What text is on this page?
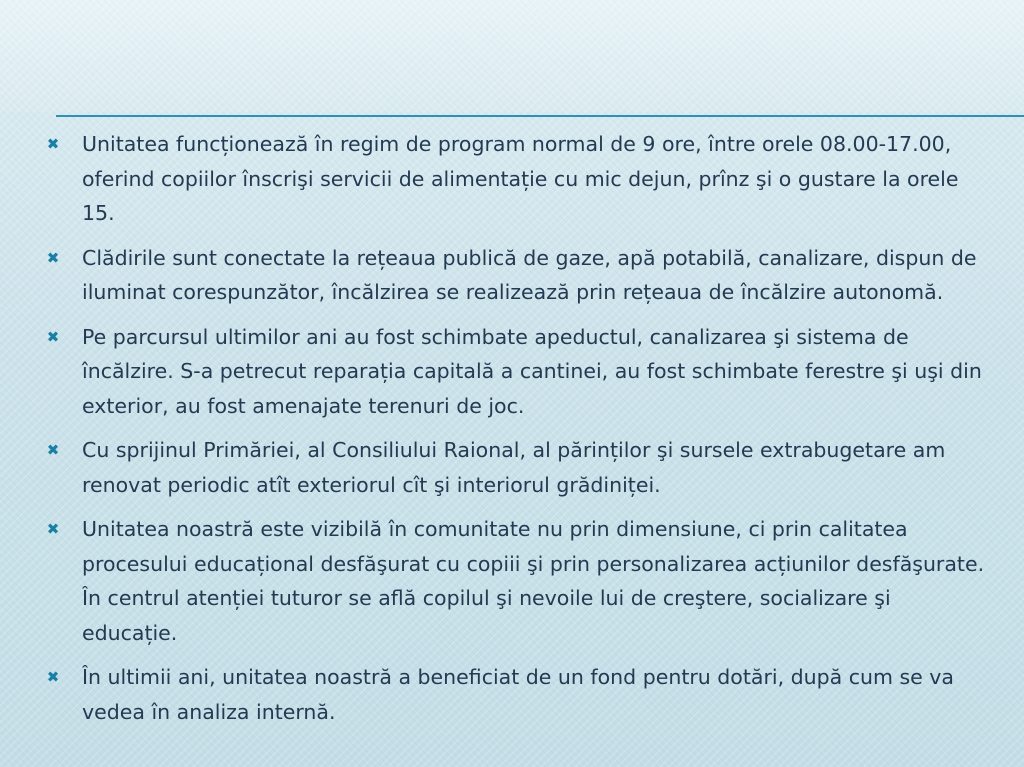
✖ Unitatea funcționează în regim de program normal de 9 ore, între orele 08.00-17.00, oferind copiilor înscrişi servicii de alimentație cu mic dejun, prînz şi o gustare la orele 15.
✖ Clădirile sunt conectate la rețeaua publică de gaze, apă potabilă, canalizare, dispun de iluminat corespunzător, încălzirea se realizează prin rețeaua de încălzire autonomă.
✖ Pe parcursul ultimilor ani au fost schimbate apeductul, canalizarea şi sistema de încălzire. S-a petrecut reparația capitală a cantinei, au fost schimbate ferestre şi uşi din exterior, au fost amenajate terenuri de joc.
✖ Cu sprijinul Primăriei, al Consiliului Raional, al părinților şi sursele extrabugetare am renovat periodic atît exteriorul cît şi interiorul grădiniței.
✖ Unitatea noastră este vizibilă în comunitate nu prin dimensiune, ci prin calitatea procesului educațional desfăşurat cu copiii şi prin personalizarea acțiunilor desfăşurate. În centrul atenției tuturor se află copilul şi nevoile lui de creştere, socializare şi educație.
✖ În ultimii ani, unitatea noastră a beneficiat de un fond pentru dotări, după cum se va vedea în analiza internă.
